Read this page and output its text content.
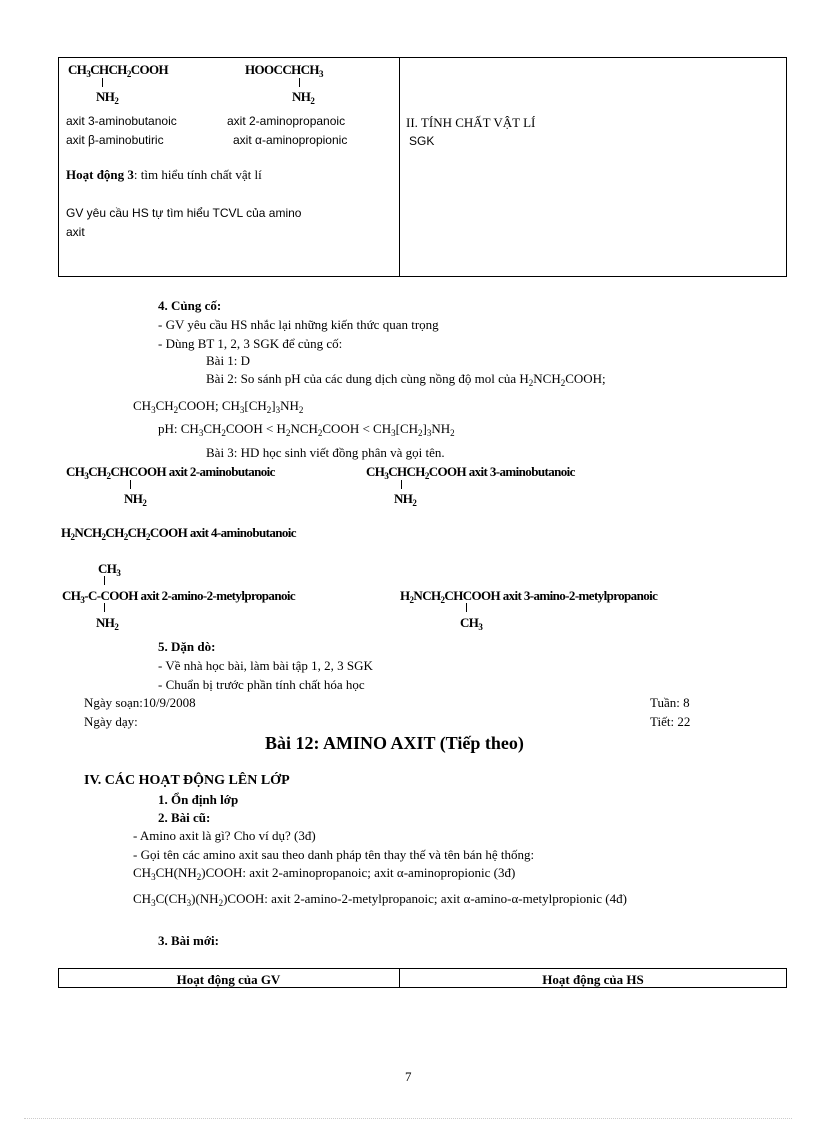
$CH_3CHCH_2COOH$
$NH_2$
$HOOCCHCH_3$
$NH_2$
axit 3-aminobutanoic
axit β-aminobutiric
axit 2-aminopropanoic
axit α-aminopropionic
Hoạt động 3: tìm hiểu tính chất vật lí
GV yêu cầu HS tự tìm hiểu TCVL của amino
axit
II. TÍNH CHẤT VẬT LÍ
SGK
4. Củng cố:
- GV yêu cầu HS nhắc lại những kiến thức quan trọng
- Dùng BT 1, 2, 3 SGK để củng cố:
Bài 1: D
Bài 2: So sánh pH của các dung dịch cùng nồng độ mol của $H_2NCH_2COOH$;
$CH_3CH_2COOH$; $CH_3[CH_2]_3NH_2$
pH: $CH_3CH_2COOH$ < $H_2NCH_2COOH < CH_3[CH_2]_3NH_2$
Bài 3: HD học sinh viết đồng phân và gọi tên.
$CH_3CH_2CHCOOH$ axit 2-aminobutanoic
$NH_2$
$CH_3CHCH_2COOH$ axit 3-aminobutanoic
$NH_2$
$H_2NCH_2CH_2CH_2COOH$ axit 4-aminobutanoic
$CH_3$
$CH_3-C$-COOH axit 2-amino-2-metylpropanoic
$NH_2$
$H_2NCH_2CHCOOH$ axit 3-amino-2-metylpropanoic
$CH_3$
5. Dặn dò:
- Về nhà học bài, làm bài tập 1, 2, 3 SGK
- Chuẩn bị trước phần tính chất hóa học
Ngày soạn:10/9/2008
Ngày dạy:
Tuần: 8
Tiết: 22
Bài 12: AMINO AXIT (Tiếp theo)
IV. CÁC HOẠT ĐỘNG LÊN LỚP
1. Ổn định lớp
2. Bài cũ:
- Amino axit là gì? Cho ví dụ? (3đ)
- Gọi tên các amino axit sau theo danh pháp tên thay thế và tên bán hệ thống:
$CH_3CH(NH_2)COOH$: axit 2-aminopropanoic; axit α-aminopropionic (3đ)
$CH_3C(CH_3)(NH_2)COOH$: axit 2-amino-2-metylpropanoic; axit α-amino-α-metylpropionic (4đ)
3. Bài mới:
Hoạt động của GV	Hoạt động của HS
7
